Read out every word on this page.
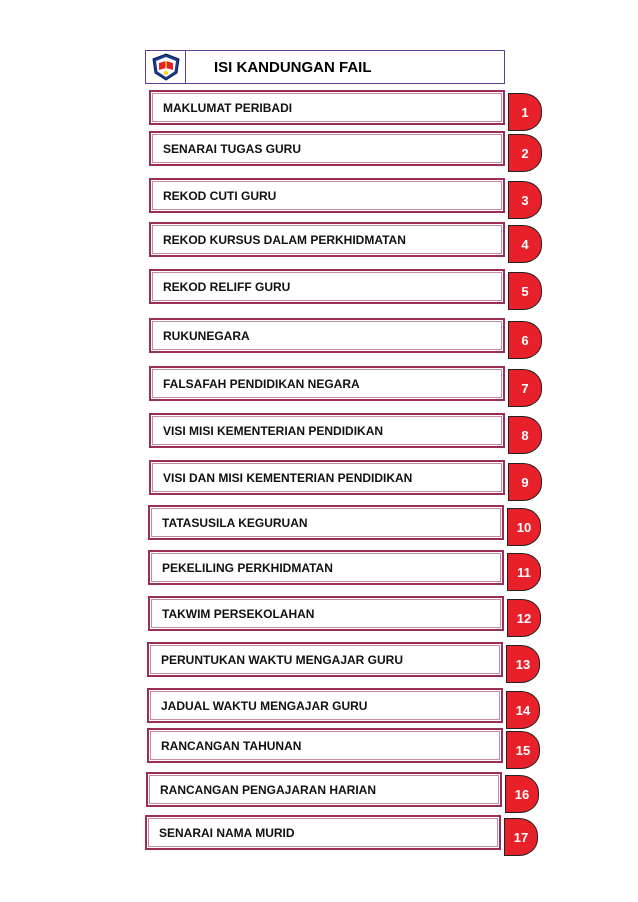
ISI KANDUNGAN FAIL
MAKLUMAT PERIBADI	1
SENARAI TUGAS GURU	2
REKOD CUTI GURU	3
REKOD KURSUS DALAM PERKHIDMATAN	4
REKOD RELIFF GURU	5
RUKUNEGARA	6
FALSAFAH PENDIDIKAN NEGARA	7
VISI MISI KEMENTERIAN PENDIDIKAN	8
VISI DAN MISI KEMENTERIAN PENDIDIKAN	9
TATASUSILA KEGURUAN	10
PEKELILING PERKHIDMATAN	11
TAKWIM PERSEKOLAHAN	12
PERUNTUKAN WAKTU MENGAJAR GURU	13
JADUAL WAKTU MENGAJAR GURU	14
RANCANGAN TAHUNAN	15
RANCANGAN PENGAJARAN HARIAN	16
SENARAI NAMA MURID	17
